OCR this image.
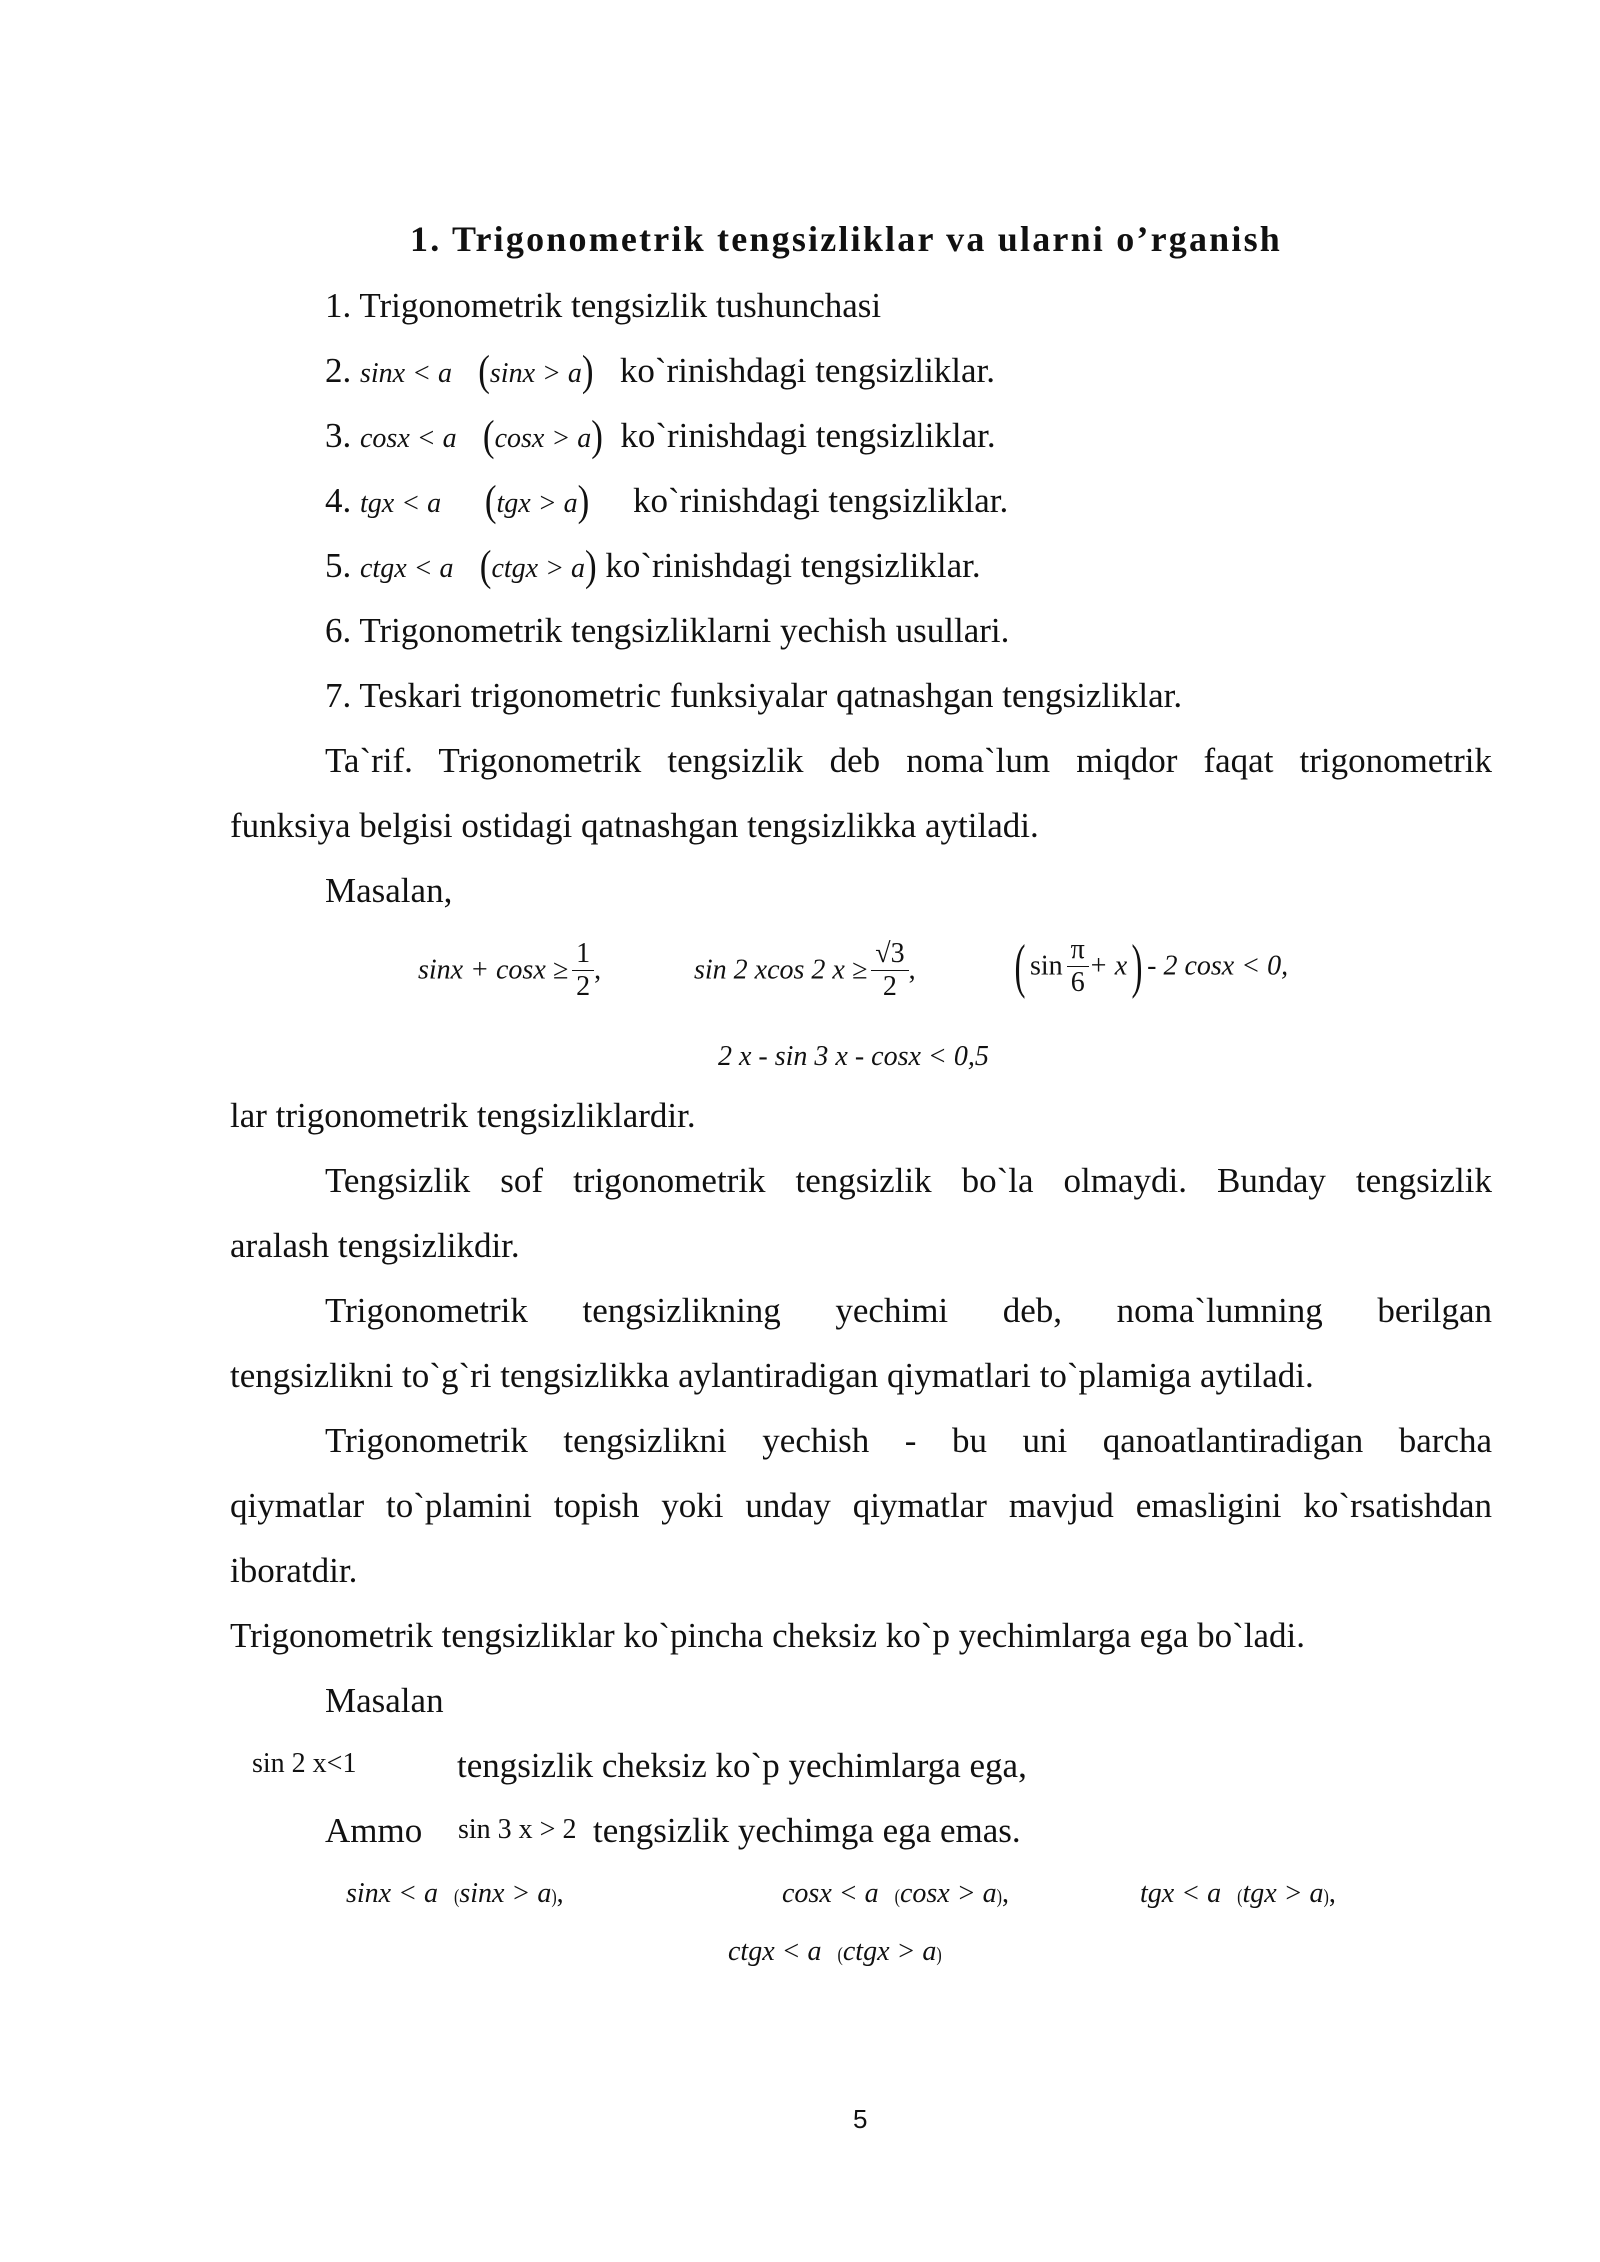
1. Trigonometrik tengsizliklar va ularni o’rganish
1. Trigonometrik tengsizlik tushunchasi
2. sinx < a (sinx > a) ko`rinishdagi tengsizliklar.
3. cosx < a (cosx > a) ko`rinishdagi tengsizliklar.
4. tgx < a (tgx > a) ko`rinishdagi tengsizliklar.
5. ctgx < a (ctgx > a) ko`rinishdagi tengsizliklar.
6. Trigonometrik tengsizliklarni yechish usullari.
7. Teskari trigonometric funksiyalar qatnashgan tengsizliklar.
Ta`rif. Trigonometrik tengsizlik deb noma`lum miqdor faqat trigonometrik
funksiya belgisi ostidagi qatnashgan tengsizlikka aytiladi.
Masalan,
$\sin x + \cos x \ge \frac{1}{2}$ ,	sin 2 xcos 2 $x \ge \frac{√3}{2}$ , ( $\sin \frac{\pi}{6} + x) - 2$ cosx < 0,
2 x - sin 3 x - cosx < 0,5
lar trigonometrik tengsizliklardir.
Tengsizlik sof trigonometrik tengsizlik bo`la olmaydi. Bunday tengsizlik
aralash tengsizlikdir.
Trigonometrik tengsizlikning yechimi deb, noma`lumning berilgan
tengsizlikni to`g`ri tengsizlikka aylantiradigan qiymatlari to`plamiga aytiladi.
Trigonometrik tengsizlikni yechish - bu uni qanoatlantiradigan barcha
qiymatlar to`plamini topish yoki unday qiymatlar mavjud emasligini ko`rsatishdan
iboratdir.
Trigonometrik tengsizliklar ko`pincha cheksiz ko`p yechimlarga ega bo`ladi.
Masalan
sin 2 x<1	tengsizlik cheksiz ko`p yechimlarga ega,
Ammo sin 3 x > 2 tengsizlik yechimga ega emas.
sinx < a (sinx > a),	cosx < a (cosx > a),	tgx < a (tgx > a),
ctgx < a (ctgx > a)
5
